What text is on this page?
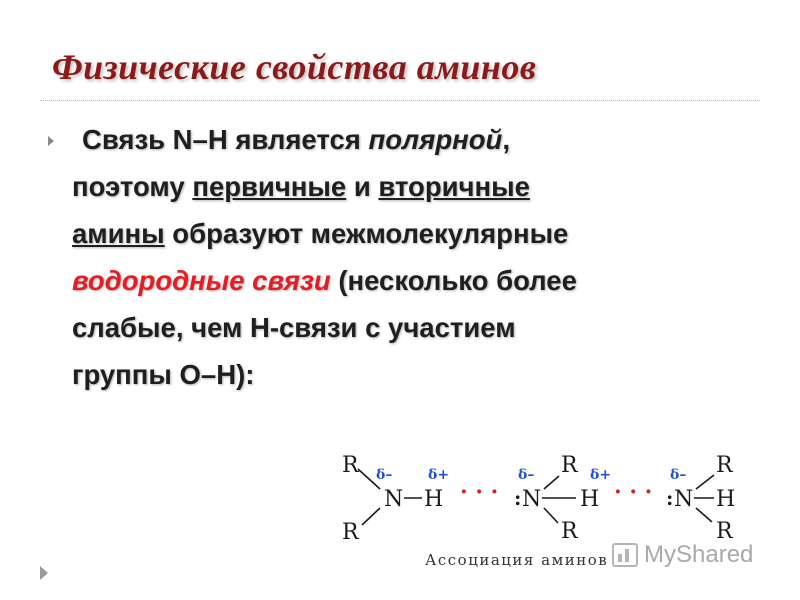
Физические свойства аминов
Связь N–H является полярной,
поэтому первичные и вторичные
амины образуют межмолекулярные
водородные связи (несколько более
слабые, чем Н-связи с участием
группы О–Н):
R δ–	δ+
N H
R
· · ·
δ– R δ+
: N H
R
· · ·
δ– R
: N H
R
Ассоциация аминов MyShared
